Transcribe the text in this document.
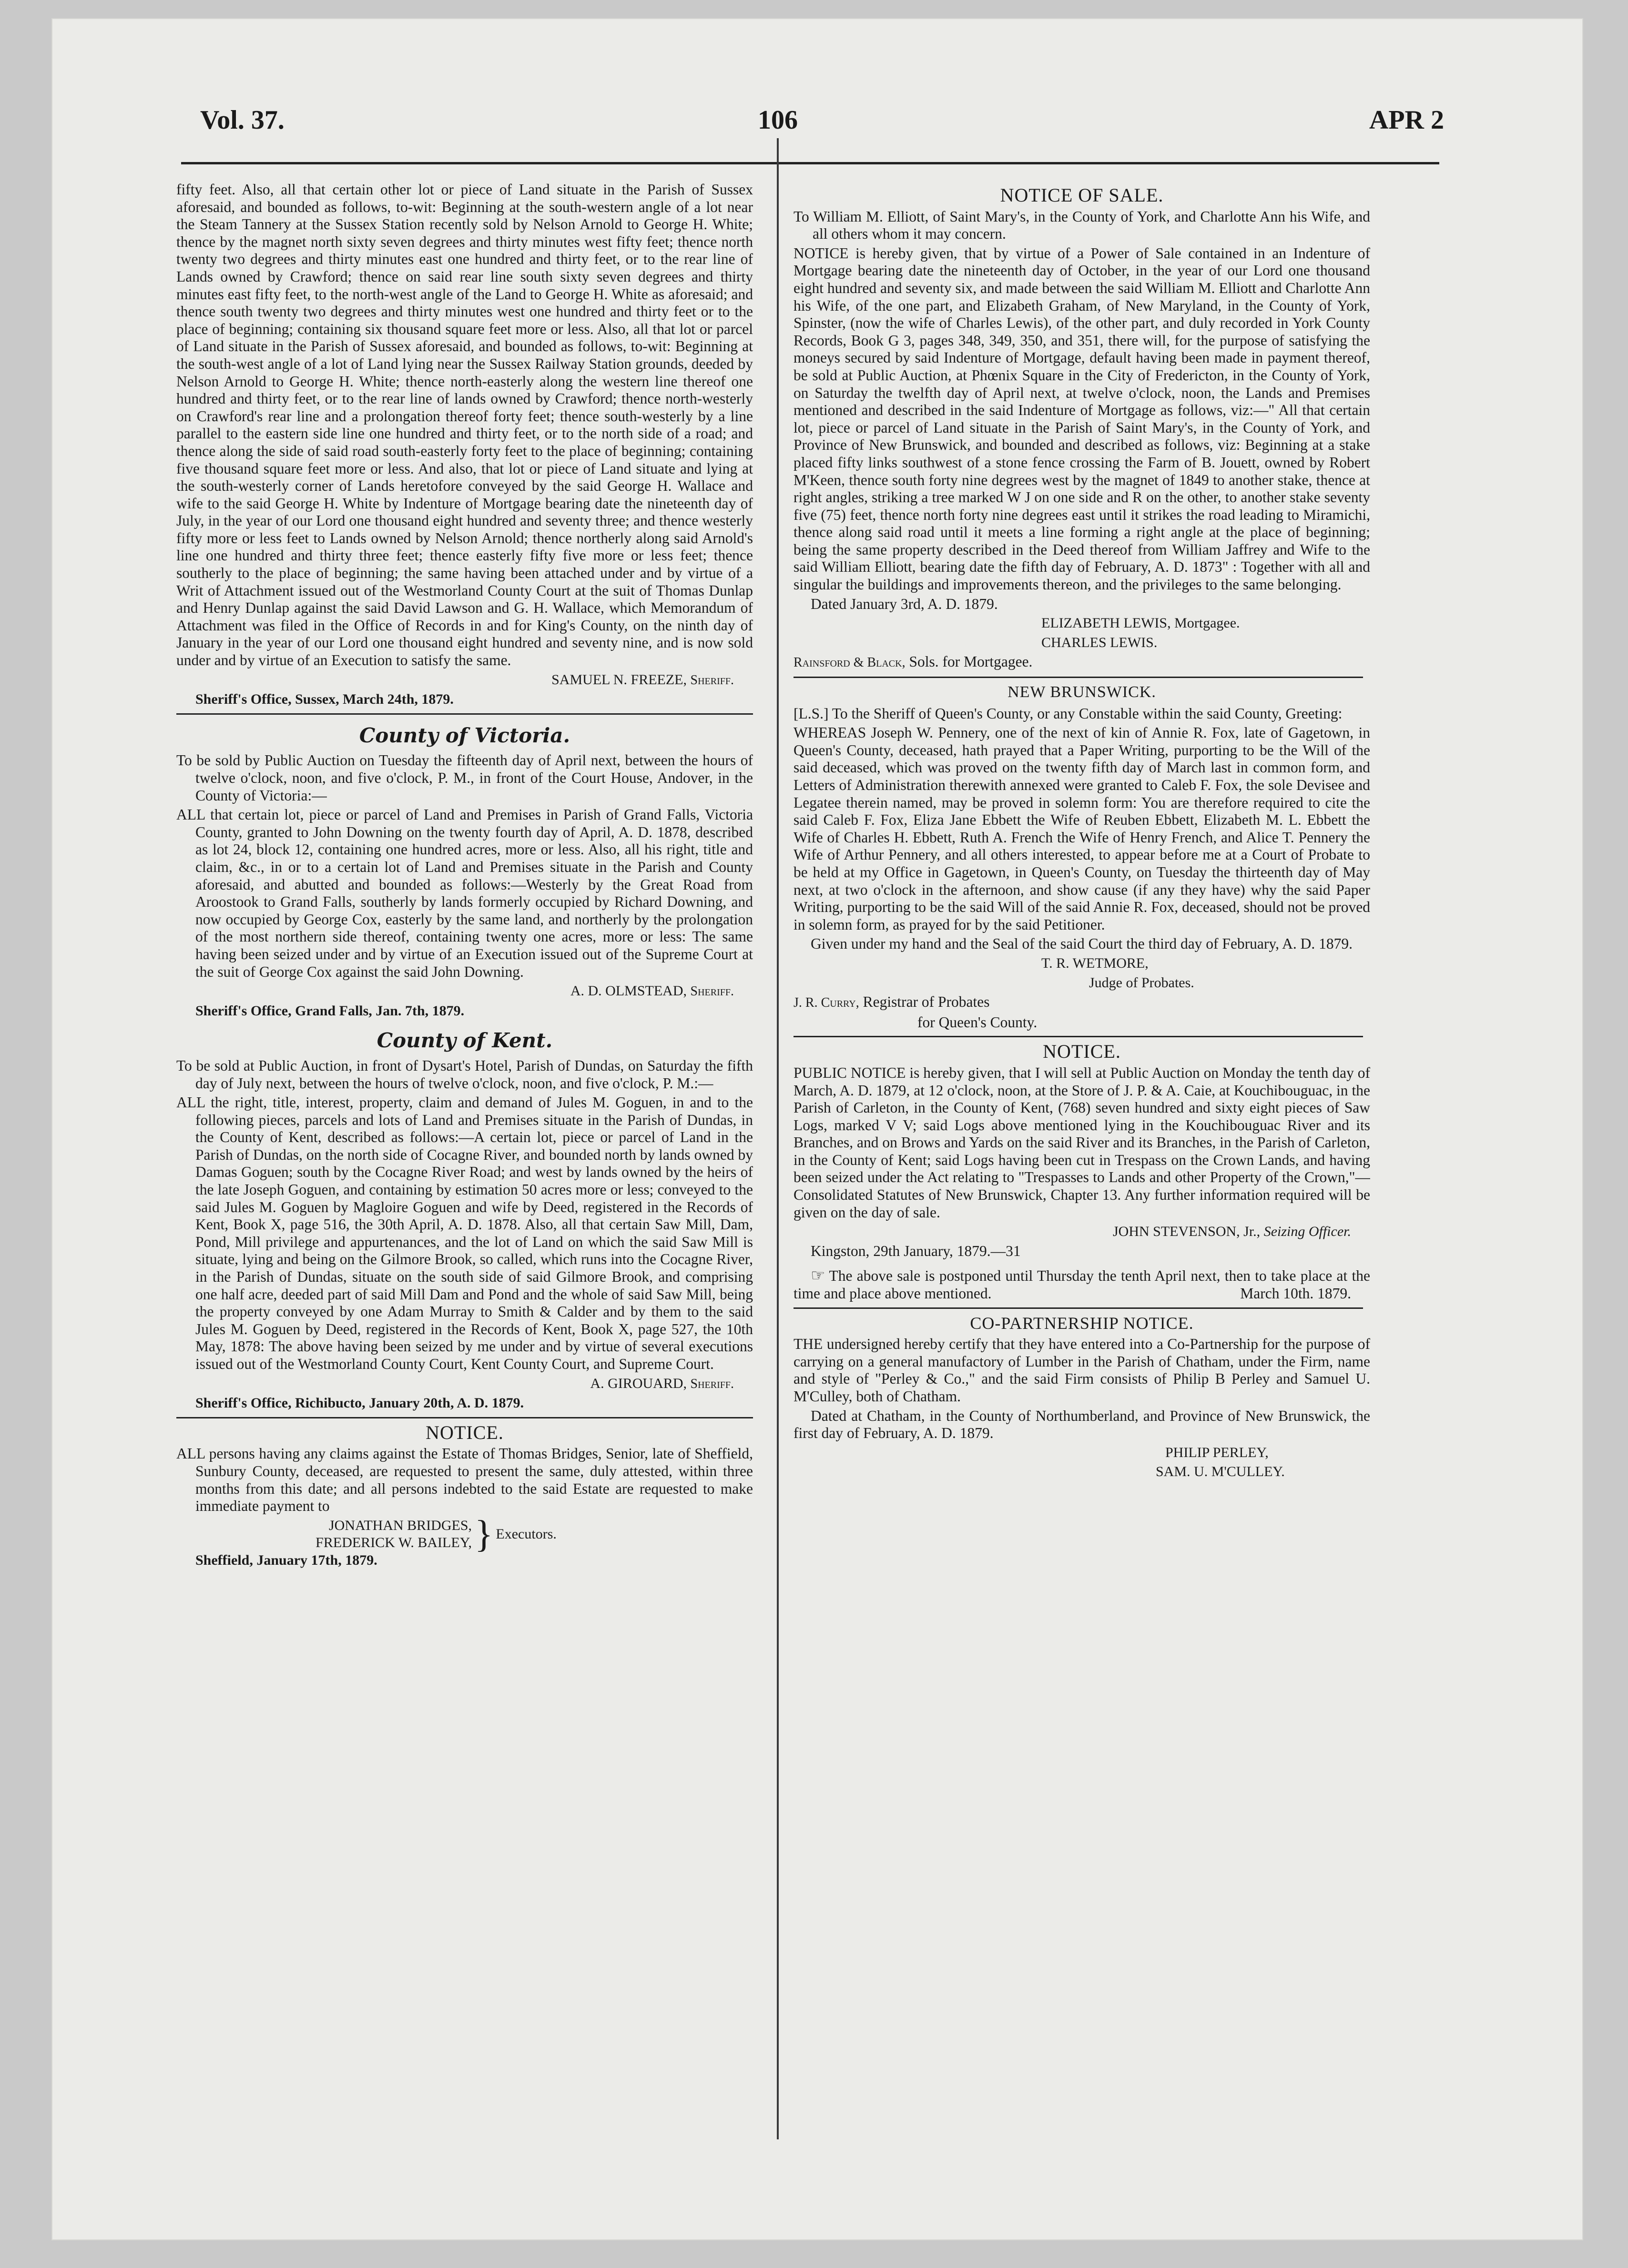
Vol. 37.	106	APR 2

fifty feet. Also, all that certain other lot or piece of Land situate in the Parish of Sussex aforesaid, and bounded as follows, to-wit: Beginning at the south-western angle of a lot near the Steam Tannery at the Sussex Station recently sold by Nelson Arnold to George H. White; thence by the magnet north sixty seven degrees and thirty minutes west fifty feet; thence north twenty two degrees and thirty minutes east one hundred and thirty feet, or to the rear line of Lands owned by Crawford; thence on said rear line south sixty seven degrees and thirty minutes east fifty feet, to the north-west angle of the Land to George H. White as aforesaid; and thence south twenty two degrees and thirty minutes west one hundred and thirty feet or to the place of beginning; containing six thousand square feet more or less. Also, all that lot or parcel of Land situate in the Parish of Sussex aforesaid, and bounded as follows, to-wit: Beginning at the south-west angle of a lot of Land lying near the Sussex Railway Station grounds, deeded by Nelson Arnold to George H. White; thence north-easterly along the western line thereof one hundred and thirty feet, or to the rear line of lands owned by Crawford; thence north-westerly on Crawford's rear line and a prolongation thereof forty feet; thence south-westerly by a line parallel to the eastern side line one hundred and thirty feet, or to the north side of a road; and thence along the side of said road south-easterly forty feet to the place of beginning; containing five thousand square feet more or less. And also, that lot or piece of Land situate and lying at the south-westerly corner of Lands heretofore conveyed by the said George H. Wallace and wife to the said George H. White by Indenture of Mortgage bearing date the nineteenth day of July, in the year of our Lord one thousand eight hundred and seventy three; and thence westerly fifty more or less feet to Lands owned by Nelson Arnold; thence northerly along said Arnold's line one hundred and thirty three feet; thence easterly fifty five more or less feet; thence southerly to the place of beginning; the same having been attached under and by virtue of a Writ of Attachment issued out of the Westmorland County Court at the suit of Thomas Dunlap and Henry Dunlap against the said David Lawson and G. H. Wallace, which Memorandum of Attachment was filed in the Office of Records in and for King's County, on the ninth day of January in the year of our Lord one thousand eight hundred and seventy nine, and is now sold under and by virtue of an Execution to satisfy the same.

SAMUEL N. FREEZE, Sheriff.

Sheriff's Office, Sussex, March 24th, 1879.

County of Victoria.

To be sold by Public Auction on Tuesday the fifteenth day of April next, between the hours of twelve o'clock, noon, and five o'clock, P. M., in front of the Court House, Andover, in the County of Victoria:—

ALL that certain lot, piece or parcel of Land and Premises in Parish of Grand Falls, Victoria County, granted to John Downing on the twenty fourth day of April, A. D. 1878, described as lot 24, block 12, containing one hundred acres, more or less. Also, all his right, title and claim, &c., in or to a certain lot of Land and Premises situate in the Parish and County aforesaid, and abutted and bounded as follows:—Westerly by the Great Road from Aroostook to Grand Falls, southerly by lands formerly occupied by Richard Downing, and now occupied by George Cox, easterly by the same land, and northerly by the prolongation of the most northern side thereof, containing twenty one acres, more or less: The same having been seized under and by virtue of an Execution issued out of the Supreme Court at the suit of George Cox against the said John Downing.

A. D. OLMSTEAD, Sheriff.

Sheriff's Office, Grand Falls, Jan. 7th, 1879.

County of Kent.

To be sold at Public Auction, in front of Dysart's Hotel, Parish of Dundas, on Saturday the fifth day of July next, between the hours of twelve o'clock, noon, and five o'clock, P. M.:—

ALL the right, title, interest, property, claim and demand of Jules M. Goguen, in and to the following pieces, parcels and lots of Land and Premises situate in the Parish of Dundas, in the County of Kent, described as follows:—A certain lot, piece or parcel of Land in the Parish of Dundas, on the north side of Cocagne River, and bounded north by lands owned by Damas Goguen; south by the Cocagne River Road; and west by lands owned by the heirs of the late Joseph Goguen, and containing by estimation 50 acres more or less; conveyed to the said Jules M. Goguen by Magloire Goguen and wife by Deed, registered in the Records of Kent, Book X, page 516, the 30th April, A. D. 1878. Also, all that certain Saw Mill, Dam, Pond, Mill privilege and appurtenances, and the lot of Land on which the said Saw Mill is situate, lying and being on the Gilmore Brook, so called, which runs into the Cocagne River, in the Parish of Dundas, situate on the south side of said Gilmore Brook, and comprising one half acre, deeded part of said Mill Dam and Pond and the whole of said Saw Mill, being the property conveyed by one Adam Murray to Smith & Calder and by them to the said Jules M. Goguen by Deed, registered in the Records of Kent, Book X, page 527, the 10th May, 1878: The above having been seized by me under and by virtue of several executions issued out of the Westmorland County Court, Kent County Court, and Supreme Court.

A. GIROUARD, Sheriff.

Sheriff's Office, Richibucto, January 20th, A. D. 1879.

NOTICE.

ALL persons having any claims against the Estate of Thomas Bridges, Senior, late of Sheffield, Sunbury County, deceased, are requested to present the same, duly attested, within three months from this date; and all persons indebted to the said Estate are requested to make immediate payment to

JONATHAN BRIDGES,
FREDERICK W. BAILEY, } Executors.

Sheffield, January 17th, 1879.

NOTICE OF SALE.

To William M. Elliott, of Saint Mary's, in the County of York, and Charlotte Ann his Wife, and all others whom it may concern.

NOTICE is hereby given, that by virtue of a Power of Sale contained in an Indenture of Mortgage bearing date the nineteenth day of October, in the year of our Lord one thousand eight hundred and seventy six, and made between the said William M. Elliott and Charlotte Ann his Wife, of the one part, and Elizabeth Graham, of New Maryland, in the County of York, Spinster, (now the wife of Charles Lewis), of the other part, and duly recorded in York County Records, Book G 3, pages 348, 349, 350, and 351, there will, for the purpose of satisfying the moneys secured by said Indenture of Mortgage, default having been made in payment thereof, be sold at Public Auction, at Phœnix Square in the City of Fredericton, in the County of York, on Saturday the twelfth day of April next, at twelve o'clock, noon, the Lands and Premises mentioned and described in the said Indenture of Mortgage as follows, viz:—" All that certain lot, piece or parcel of Land situate in the Parish of Saint Mary's, in the County of York, and Province of New Brunswick, and bounded and described as follows, viz: Beginning at a stake placed fifty links southwest of a stone fence crossing the Farm of B. Jouett, owned by Robert M'Keen, thence south forty nine degrees west by the magnet of 1849 to another stake, thence at right angles, striking a tree marked W J on one side and R on the other, to another stake seventy five (75) feet, thence north forty nine degrees east until it strikes the road leading to Miramichi, thence along said road until it meets a line forming a right angle at the place of beginning; being the same property described in the Deed thereof from William Jaffrey and Wife to the said William Elliott, bearing date the fifth day of February, A. D. 1873" : Together with all and singular the buildings and improvements thereon, and the privileges to the same belonging.

Dated January 3rd, A. D. 1879.

ELIZABETH LEWIS, Mortgagee.

CHARLES LEWIS.

Rainsford & Black, Sols. for Mortgagee.

NEW BRUNSWICK.

[L.S.] To the Sheriff of Queen's County, or any Constable within the said County, Greeting:

WHEREAS Joseph W. Pennery, one of the next of kin of Annie R. Fox, late of Gagetown, in Queen's County, deceased, hath prayed that a Paper Writing, purporting to be the Will of the said deceased, which was proved on the twenty fifth day of March last in common form, and Letters of Administration therewith annexed were granted to Caleb F. Fox, the sole Devisee and Legatee therein named, may be proved in solemn form: You are therefore required to cite the said Caleb F. Fox, Eliza Jane Ebbett the Wife of Reuben Ebbett, Elizabeth M. L. Ebbett the Wife of Charles H. Ebbett, Ruth A. French the Wife of Henry French, and Alice T. Pennery the Wife of Arthur Pennery, and all others interested, to appear before me at a Court of Probate to be held at my Office in Gagetown, in Queen's County, on Tuesday the thirteenth day of May next, at two o'clock in the afternoon, and show cause (if any they have) why the said Paper Writing, purporting to be the said Will of the said Annie R. Fox, deceased, should not be proved in solemn form, as prayed for by the said Petitioner.

Given under my hand and the Seal of the said Court the third day of February, A. D. 1879.

T. R. WETMORE,

Judge of Probates.

J. R. Curry, Registrar of Probates

for Queen's County.

NOTICE.

PUBLIC NOTICE is hereby given, that I will sell at Public Auction on Monday the tenth day of March, A. D. 1879, at 12 o'clock, noon, at the Store of J. P. & A. Caie, at Kouchibouguac, in the Parish of Carleton, in the County of Kent, (768) seven hundred and sixty eight pieces of Saw Logs, marked V V; said Logs above mentioned lying in the Kouchibouguac River and its Branches, and on Brows and Yards on the said River and its Branches, in the Parish of Carleton, in the County of Kent; said Logs having been cut in Trespass on the Crown Lands, and having been seized under the Act relating to "Trespasses to Lands and other Property of the Crown,"—Consolidated Statutes of New Brunswick, Chapter 13. Any further information required will be given on the day of sale.

JOHN STEVENSON, Jr., Seizing Officer.

Kingston, 29th January, 1879.—31

☞ The above sale is postponed until Thursday the tenth April next, then to take place at the time and place above mentioned.	March 10th. 1879.

CO-PARTNERSHIP NOTICE.

THE undersigned hereby certify that they have entered into a Co-Partnership for the purpose of carrying on a general manufactory of Lumber in the Parish of Chatham, under the Firm, name and style of "Perley & Co.," and the said Firm consists of Philip B Perley and Samuel U. M'Culley, both of Chatham.

Dated at Chatham, in the County of Northumberland, and Province of New Brunswick, the first day of February, A. D. 1879.

PHILIP PERLEY,

SAM. U. M'CULLEY.
